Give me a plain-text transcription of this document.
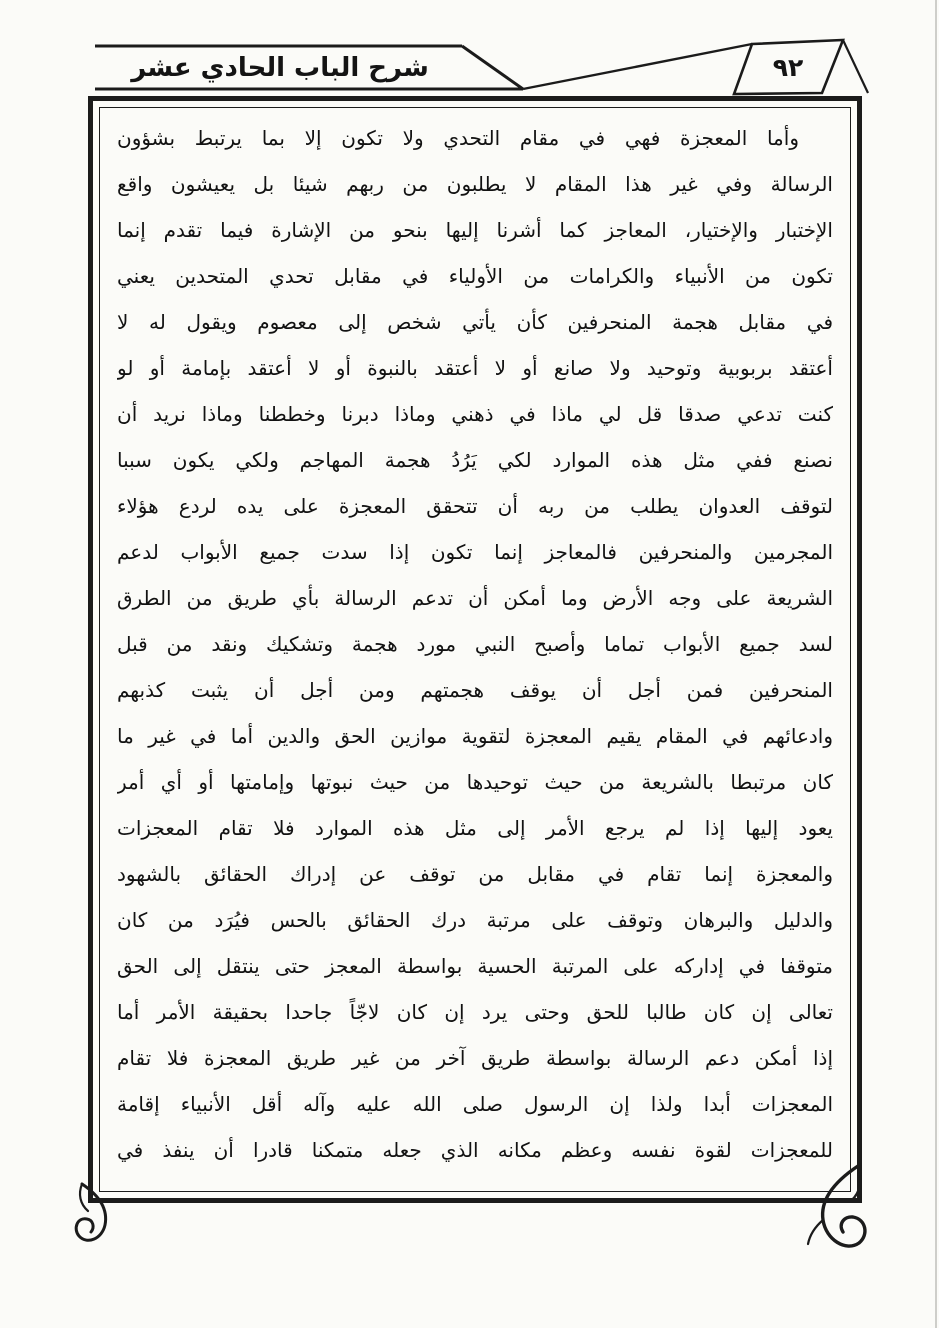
شرح الباب الحادي عشر	٩٢
وأما المعجزة فهي في مقام التحدي ولا تكون إلا بما يرتبط بشؤون
الرسالة وفي غير هذا المقام لا يطلبون من ربهم شيئا بل يعيشون واقع
الإختبار والإختيار، المعاجز كما أشرنا إليها بنحو من الإشارة فيما تقدم إنما
تكون من الأنبياء والكرامات من الأولياء في مقابل تحدي المتحدين يعني
في مقابل هجمة المنحرفين كأن يأتي شخص إلى معصوم ويقول له لا
أعتقد بربوبية وتوحيد ولا صانع أو لا أعتقد بالنبوة أو لا أعتقد بإمامة أو لو
كنت تدعي صدقا قل لي ماذا في ذهني وماذا دبرنا وخططنا وماذا نريد أن
نصنع ففي مثل هذه الموارد لكي يَرُدُ هجمة المهاجم ولكي يكون سببا
لتوقف العدوان يطلب من ربه أن تتحقق المعجزة على يده لردع هؤلاء
المجرمين والمنحرفين فالمعاجز إنما تكون إذا سدت جميع الأبواب لدعم
الشريعة على وجه الأرض وما أمكن أن تدعم الرسالة بأي طريق من الطرق
لسد جميع الأبواب تماما وأصبح النبي مورد هجمة وتشكيك ونقد من قبل
المنحرفين فمن أجل أن يوقف هجمتهم ومن أجل أن يثبت كذبهم
وادعائهم في المقام يقيم المعجزة لتقوية موازين الحق والدين أما في غير ما
كان مرتبطا بالشريعة من حيث توحيدها من حيث نبوتها وإمامتها أو أي أمر
يعود إليها إذا لم يرجع الأمر إلى مثل هذه الموارد فلا تقام المعجزات
والمعجزة إنما تقام في مقابل من توقف عن إدراك الحقائق بالشهود
والدليل والبرهان وتوقف على مرتبة درك الحقائق بالحس فيُرَد من كان
متوقفا في إداركه على المرتبة الحسية بواسطة المعجز حتى ينتقل إلى الحق
تعالى إن كان طالبا للحق وحتى يرد إن كان لاجّاً جاحدا بحقيقة الأمر أما
إذا أمكن دعم الرسالة بواسطة طريق آخر من غير طريق المعجزة فلا تقام
المعجزات أبدا ولذا إن الرسول صلى الله عليه وآله أقل الأنبياء إقامة
للمعجزات لقوة نفسه وعظم مكانه الذي جعله متمكنا قادرا أن ينفذ في
